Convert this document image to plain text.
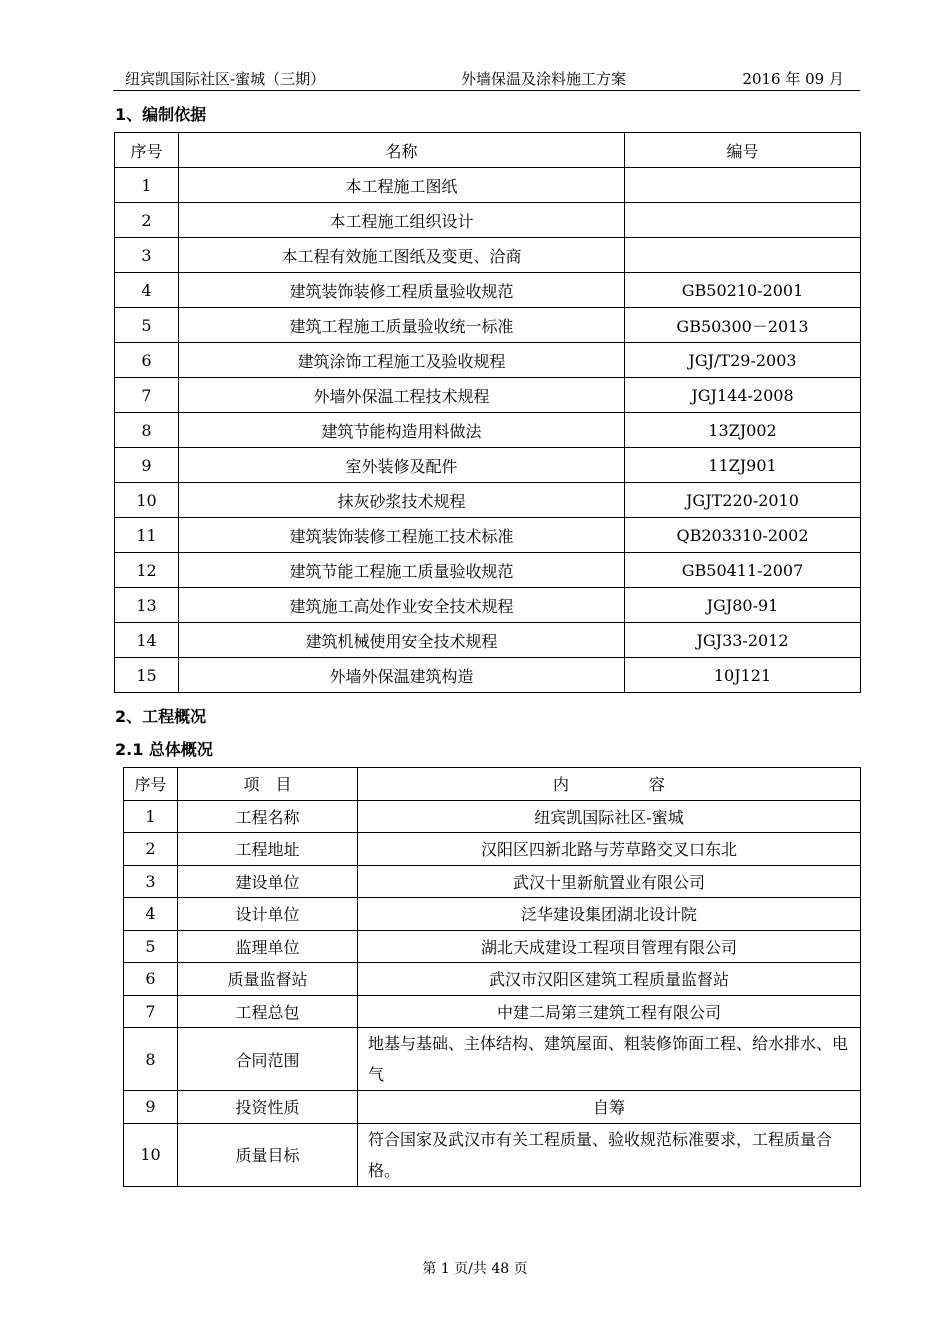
纽宾凯国际社区-蜜城（三期）	外墙保温及涂料施工方案	2016 年 09 月
1、编制依据
序号	名称	编号
1	本工程施工图纸	
2	本工程施工组织设计	
3	本工程有效施工图纸及变更、洽商	
4	建筑装饰装修工程质量验收规范	GB50210-2001
5	建筑工程施工质量验收统一标准	GB50300－2013
6	建筑涂饰工程施工及验收规程	JGJ/T29-2003
7	外墙外保温工程技术规程	JGJ144-2008
8	建筑节能构造用料做法	13ZJ002
9	室外装修及配件	11ZJ901
10	抹灰砂浆技术规程	JGJT220-2010
11	建筑装饰装修工程施工技术标准	QB203310-2002
12	建筑节能工程施工质量验收规范	GB50411-2007
13	建筑施工高处作业安全技术规程	JGJ80-91
14	建筑机械使用安全技术规程	JGJ33-2012
15	外墙外保温建筑构造	10J121
2、工程概况
2.1 总体概况
序号	项　目	内　　　　　容
1	工程名称	纽宾凯国际社区-蜜城
2	工程地址	汉阳区四新北路与芳草路交叉口东北
3	建设单位	武汉十里新航置业有限公司
4	设计单位	泛华建设集团湖北设计院
5	监理单位	湖北天成建设工程项目管理有限公司
6	质量监督站	武汉市汉阳区建筑工程质量监督站
7	工程总包	中建二局第三建筑工程有限公司
8	合同范围	地基与基础、主体结构、建筑屋面、粗装修饰面工程、给水排水、电气
9	投资性质	自筹
10	质量目标	符合国家及武汉市有关工程质量、验收规范标准要求，工程质量合格。
第 1 页/共 48 页
